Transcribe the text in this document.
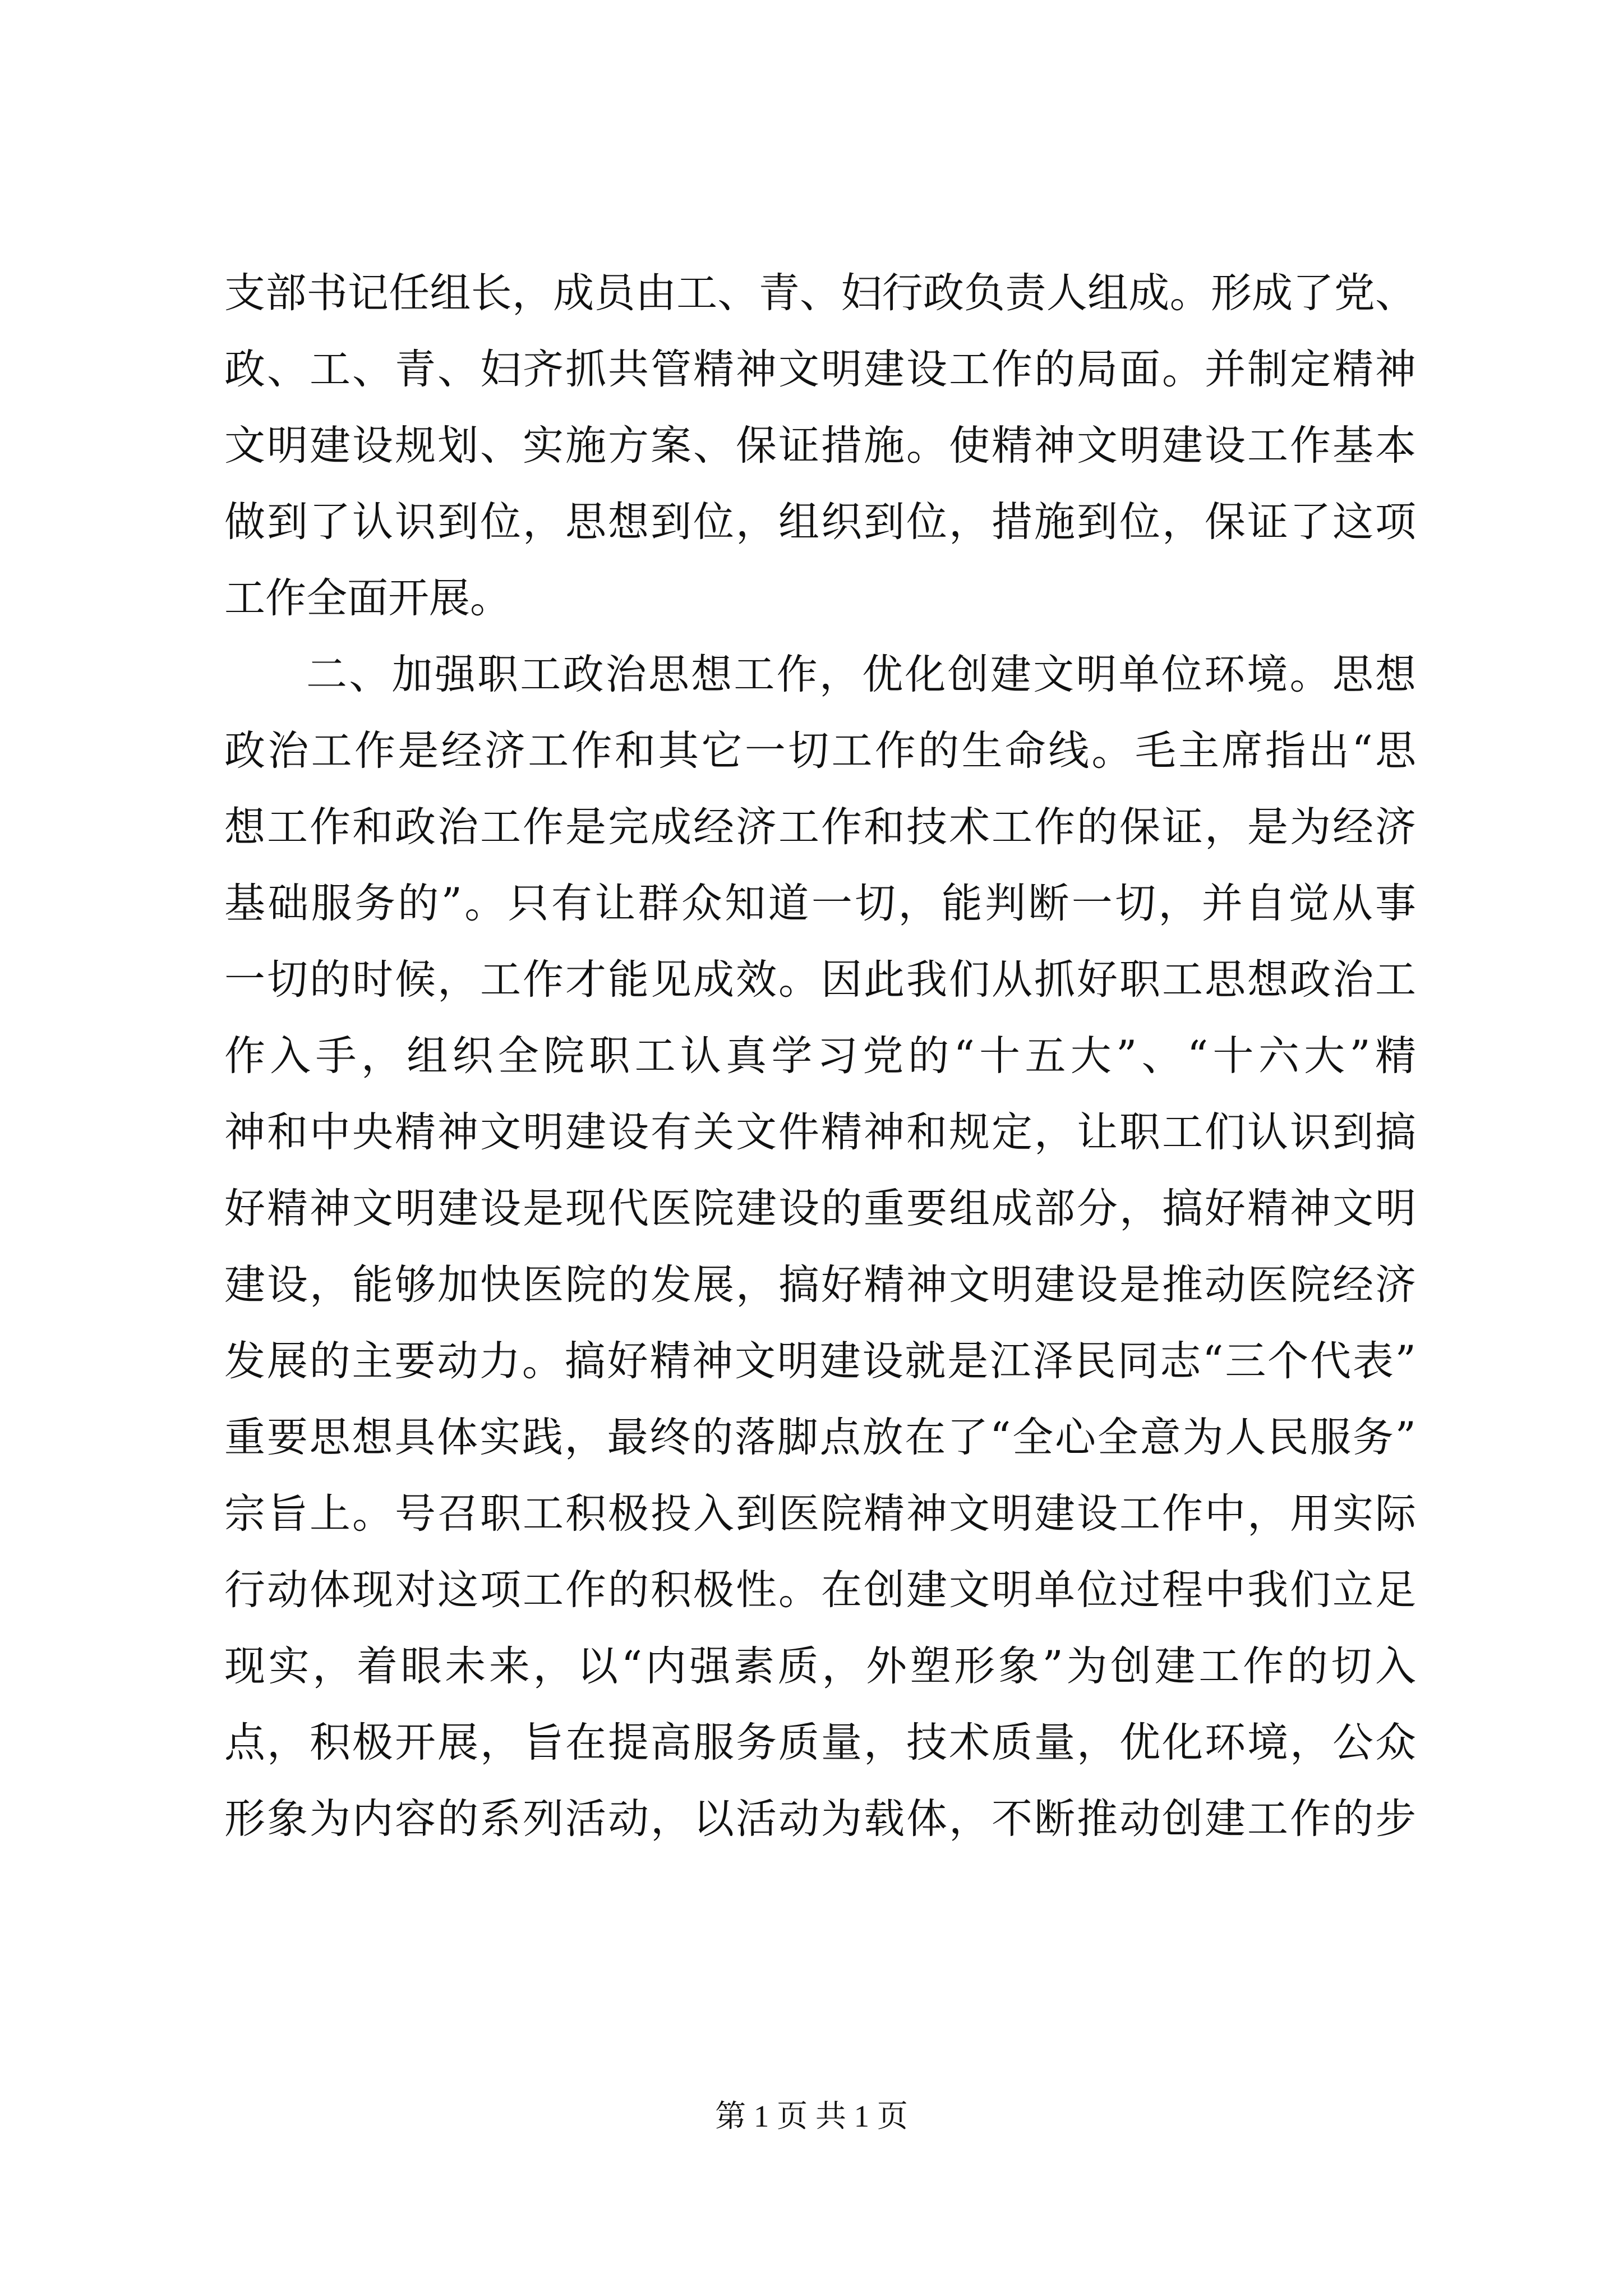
支部书记任组长，成员由工、青、妇行政负责人组成。形成了党、
政、工、青、妇齐抓共管精神文明建设工作的局面。并制定精神
文明建设规划、实施方案、保证措施。使精神文明建设工作基本
做到了认识到位，思想到位，组织到位，措施到位，保证了这项
工作全面开展。
二、加强职工政治思想工作，优化创建文明单位环境。思想
政治工作是经济工作和其它一切工作的生命线。毛主席指出“思
想工作和政治工作是完成经济工作和技术工作的保证，是为经济
基础服务的”。只有让群众知道一切，能判断一切，并自觉从事
一切的时候，工作才能见成效。因此我们从抓好职工思想政治工
作入手，组织全院职工认真学习党的“十五大”、“十六大”精
神和中央精神文明建设有关文件精神和规定，让职工们认识到搞
好精神文明建设是现代医院建设的重要组成部分，搞好精神文明
建设，能够加快医院的发展，搞好精神文明建设是推动医院经济
发展的主要动力。搞好精神文明建设就是江泽民同志“三个代表”
重要思想具体实践，最终的落脚点放在了“全心全意为人民服务”
宗旨上。号召职工积极投入到医院精神文明建设工作中，用实际
行动体现对这项工作的积极性。在创建文明单位过程中我们立足
现实，着眼未来，以“内强素质，外塑形象”为创建工作的切入
点，积极开展，旨在提高服务质量，技术质量，优化环境，公众
形象为内容的系列活动，以活动为载体，不断推动创建工作的步
第 1 页 共 1 页
